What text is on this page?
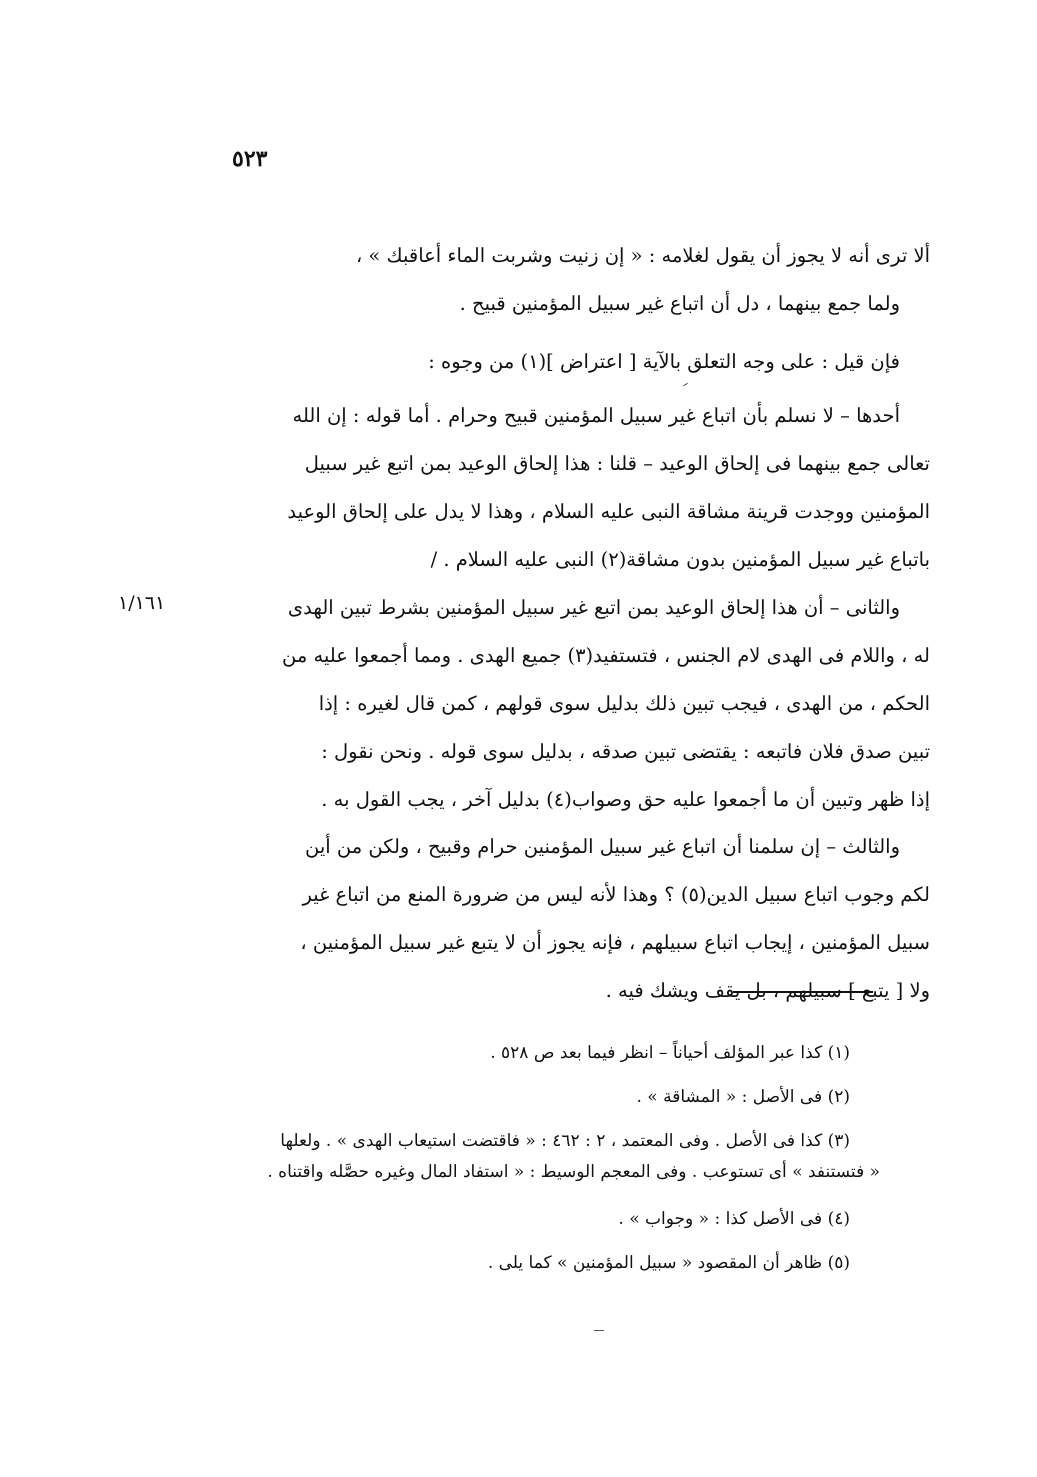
٥٢٣
ألا ترى أنه لا يجوز أن يقول لغلامه : « إن زنيت وشربت الماء أعاقبك » ،
ولما جمع بينهما ، دل أن اتباع غير سبيل المؤمنين قبيح .
فإن قيل : على وجه التعلق بالآية [ اعتراض ](١) من وجوه :
أحدها – لا نسلم بأن اتباع غير سبيل المؤمنين قبيح وحرام . أما قوله : إن الله
تعالى جمع بينهما فى إلحاق الوعيد – قلنا : هذا إلحاق الوعيد بمن اتبع غير سبيل
المؤمنين ووجدت قرينة مشاقة النبى عليه السلام ، وهذا لا يدل على إلحاق الوعيد
باتباع غير سبيل المؤمنين بدون مشاقة(٢) النبى عليه السلام . /
١/١٦١	والثانى – أن هذا إلحاق الوعيد بمن اتبع غير سبيل المؤمنين بشرط تبين الهدى
له ، واللام فى الهدى لام الجنس ، فتستفيد(٣) جميع الهدى . ومما أجمعوا عليه من
الحكم ، من الهدى ، فيجب تبين ذلك بدليل سوى قولهم ، كمن قال لغيره : إذا
تبين صدق فلان فاتبعه : يقتضى تبين صدقه ، بدليل سوى قوله . ونحن نقول :
إذا ظهر وتبين أن ما أجمعوا عليه حق وصواب(٤) بدليل آخر ، يجب القول به .
والثالث – إن سلمنا أن اتباع غير سبيل المؤمنين حرام وقبيح ، ولكن من أين
لكم وجوب اتباع سبيل الدين(٥) ؟ وهذا لأنه ليس من ضرورة المنع من اتباع غير
سبيل المؤمنين ، إيجاب اتباع سبيلهم ، فإنه يجوز أن لا يتبع غير سبيل المؤمنين ،
ولا [ يتبع ] سبيلهم ، بل يقف ويشك فيه .
(١) كذا عبر المؤلف أحياناً – انظر فيما بعد ص ٥٢٨ .
(٢) فى الأصل : « المشاقة » .
(٣) كذا فى الأصل . وفى المعتمد ، ٢ : ٤٦٢ : « فاقتضت استيعاب الهدى » . ولعلها
« فتستنفد » أى تستوعب . وفى المعجم الوسيط : « استفاد المال وغيره حصَّله واقتناه .
(٤) فى الأصل كذا : « وجواب » .
(٥) ظاهر أن المقصود « سبيل المؤمنين » كما يلى .
